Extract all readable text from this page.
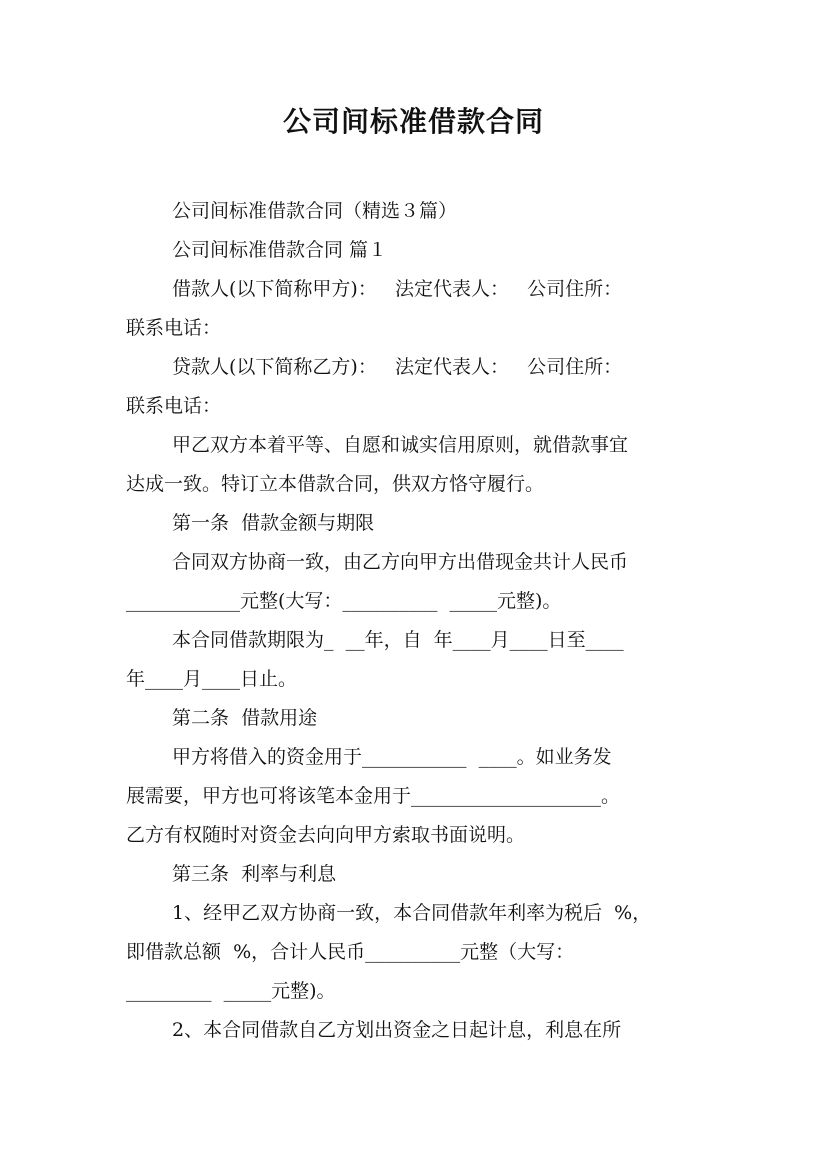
公司间标准借款合同
公司间标准借款合同（精选３篇）
公司间标准借款合同 篇１
借款人(以下简称甲方)：   法定代表人：   公司住所：
联系电话：
贷款人(以下简称乙方)：   法定代表人：   公司住所：
联系电话：
甲乙双方本着平等、自愿和诚实信用原则，就借款事宜
达成一致。特订立本借款合同，供双方恪守履行。
第一条  借款金额与期限
合同双方协商一致，由乙方向甲方出借现金共计人民币
____________元整(大写：__________  _____元整)。
本合同借款期限为_  __年，自  年____月____日至____
年____月____日止。
第二条  借款用途
甲方将借入的资金用于___________  ____。如业务发
展需要，甲方也可将该笔本金用于____________________。
乙方有权随时对资金去向向甲方索取书面说明。
第三条  利率与利息
1、经甲乙双方协商一致，本合同借款年利率为税后  %，
即借款总额  %，合计人民币__________元整（大写：
_________  _____元整)。
2、本合同借款自乙方划出资金之日起计息，利息在所
